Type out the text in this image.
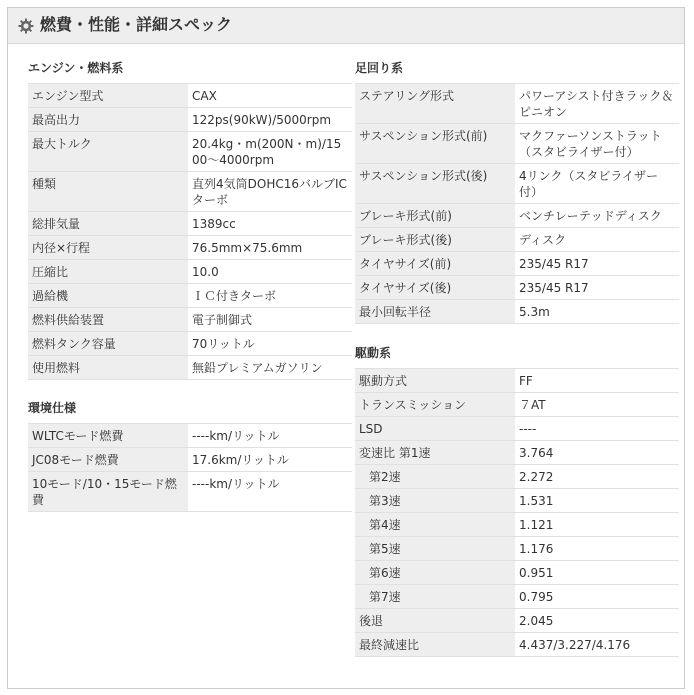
燃費・性能・詳細スペック
エンジン・燃料系
エンジン型式	CAX
最高出力	122ps(90kW)/5000rpm
最大トルク	20.4kg・m(200N・m)/1500～4000rpm
種類	直列4気筒DOHC16バルブICターボ
総排気量	1389cc
内径×行程	76.5mm×75.6mm
圧縮比	10.0
過給機	ＩＣ付きターボ
燃料供給装置	電子制御式
燃料タンク容量	70リットル
使用燃料	無鉛プレミアムガソリン
環境仕様
WLTCモード燃費	----km/リットル
JC08モード燃費	17.6km/リットル
10モード/10・15モード燃費	----km/リットル
足回り系
ステアリング形式	パワーアシスト付きラック＆ピニオン
サスペンション形式(前)	マクファーソンストラット（スタビライザー付）
サスペンション形式(後)	4リンク（スタビライザー付）
ブレーキ形式(前)	ベンチレーテッドディスク
ブレーキ形式(後)	ディスク
タイヤサイズ(前)	235/45 R17
タイヤサイズ(後)	235/45 R17
最小回転半径	5.3m
駆動系
駆動方式	FF
トランスミッション	７AT
LSD	----
変速比 第1速	3.764
第2速	2.272
第3速	1.531
第4速	1.121
第5速	1.176
第6速	0.951
第7速	0.795
後退	2.045
最終減速比	4.437/3.227/4.176
